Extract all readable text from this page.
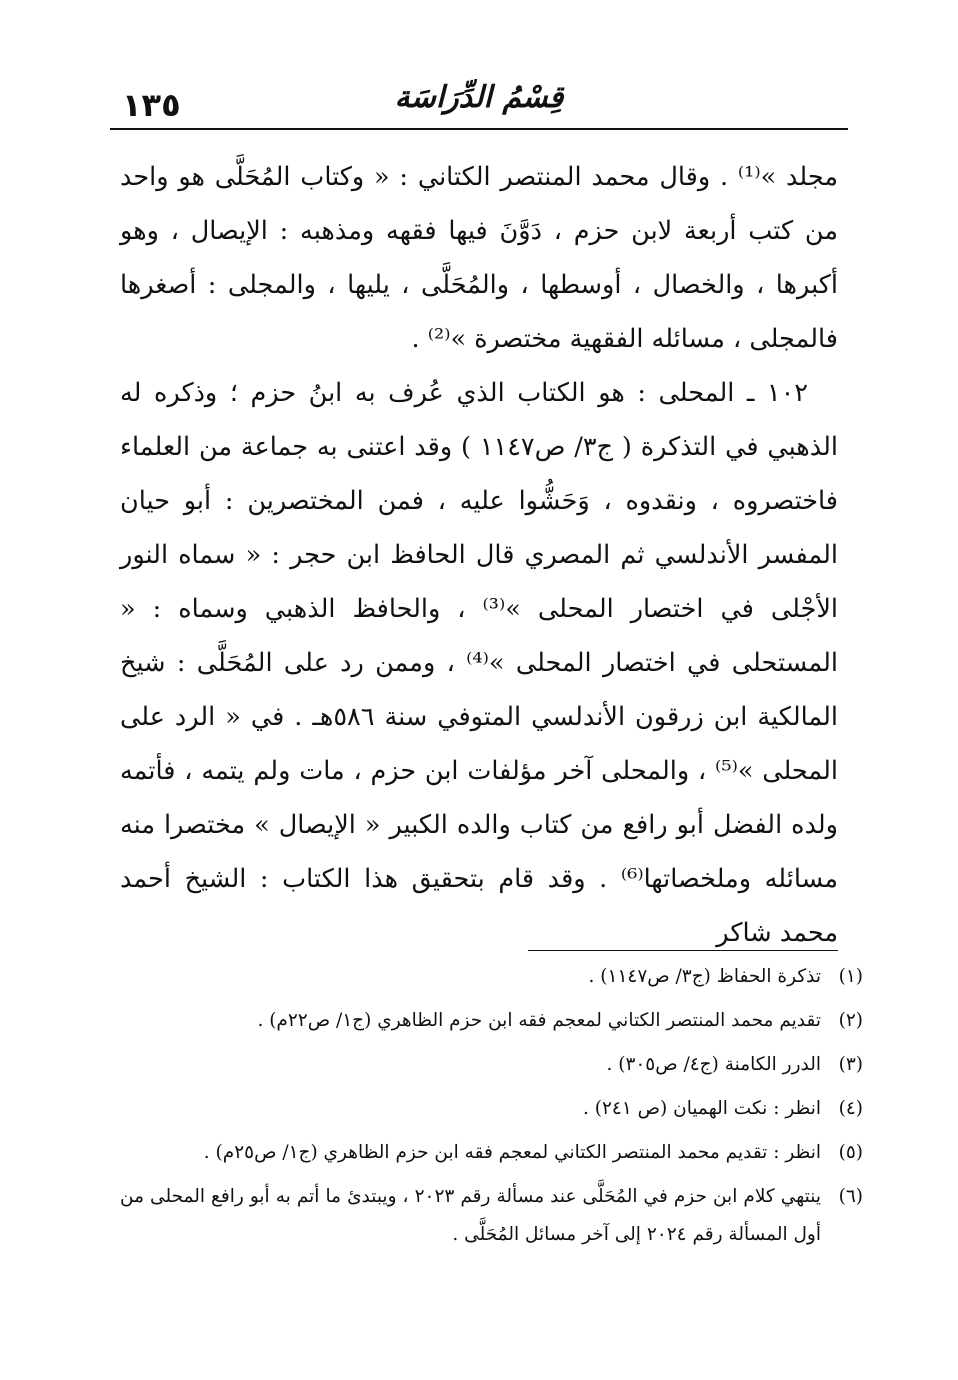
١٣٥	قِسْمُ الدِّرَاسَة

مجلد »⁽¹⁾ . وقال محمد المنتصر الكتاني : « وكتاب المُحَلَّى هو واحد من كتب أربعة لابن حزم ، دَوَّنَ فيها فقهه ومذهبه : الإيصال ، وهو أكبرها ، والخصال ، أوسطها ، والمُحَلَّى ، يليها ، والمجلى : أصغرها فالمجلى ، مسائله الفقهية مختصرة »⁽²⁾ .

١٠٢ ـ المحلى : هو الكتاب الذي عُرف به ابنُ حزم ؛ وذكره له الذهبي في التذكرة ( ج٣/ ص١١٤٧ ) وقد اعتنى به جماعة من العلماء فاختصروه ، ونقدوه ، وَحَشُّوا عليه ، فمن المختصرين : أبو حيان المفسر الأندلسي ثم المصري قال الحافظ ابن حجر : « سماه النور الأجْلى في اختصار المحلى »⁽³⁾ ، والحافظ الذهبي وسماه : « المستحلى في اختصار المحلى »⁽⁴⁾ ، وممن رد على المُحَلَّى : شيخ المالكية ابن زرقون الأندلسي المتوفي سنة ٥٨٦هـ . في « الرد على المحلى »⁽⁵⁾ ، والمحلى آخر مؤلفات ابن حزم ، مات ولم يتمه ، فأتمه ولده الفضل أبو رافع من كتاب والده الكبير « الإيصال » مختصرا منه مسائله وملخصاتها⁽⁶⁾ . وقد قام بتحقيق هذا الكتاب : الشيخ أحمد محمد شاكر

(١)
تذكرة الحفاظ (ج٣/ ص١١٤٧) .
(٢)
تقديم محمد المنتصر الكتاني لمعجم فقه ابن حزم الظاهري (ج١/ ص٢٢م) .
(٣)
الدرر الكامنة (ج٤/ ص٣٠٥) .
(٤)
انظر : نكت الهميان (ص ٢٤١) .
(٥)
انظر : تقديم محمد المنتصر الكتاني لمعجم فقه ابن حزم الظاهري (ج١/ ص٢٥م) .
(٦)
ينتهي كلام ابن حزم في المُحَلَّى عند مسألة رقم ٢٠٢٣ ، ويبتدئ ما أتم به أبو رافع المحلى من أول المسألة رقم ٢٠٢٤ إلى آخر مسائل المُحَلَّى .
